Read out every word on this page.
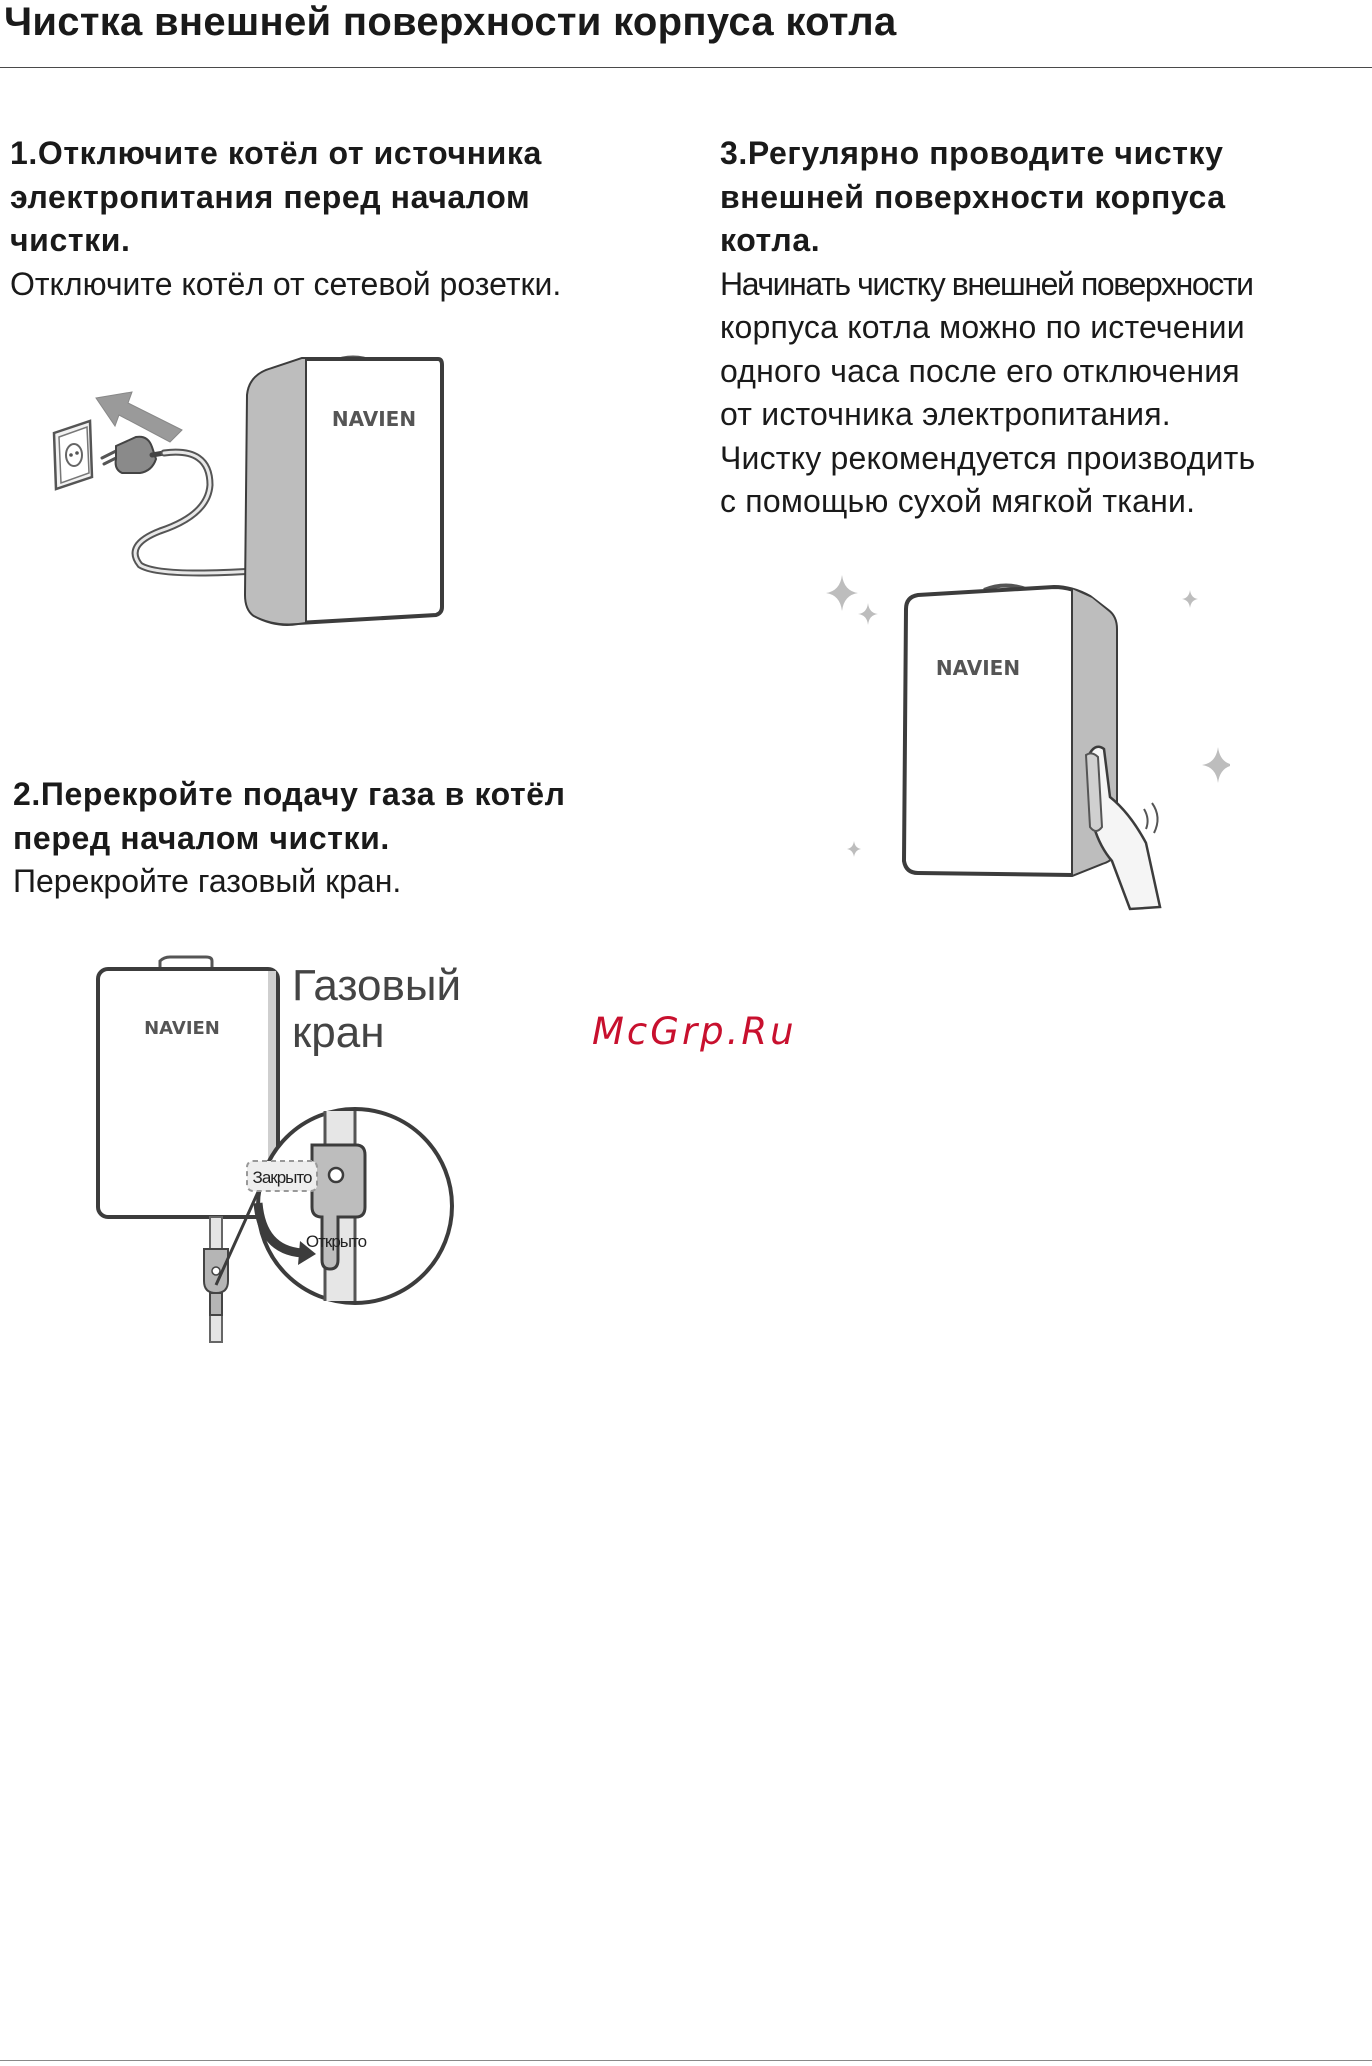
Чистка внешней поверхности корпуса котла
1.Отключите котёл от источника
электропитания перед началом
чистки.
Отключите котёл от сетевой розетки.
2.Перекройте подачу газа в котёл
перед началом чистки.
Перекройте газовый кран.
3.Регулярно проводите чистку
внешней поверхности корпуса
котла.
Начинать чистку внешней поверхности
корпуса котла можно по истечении
одного часа после его отключения
от источника электропитания.
Чистку рекомендуется производить
с помощью сухой мягкой ткани.
NAVIEN
NAVIEN
Закрыто
Открыто
Газовый
кран
NAVIEN
McGrp.Ru
